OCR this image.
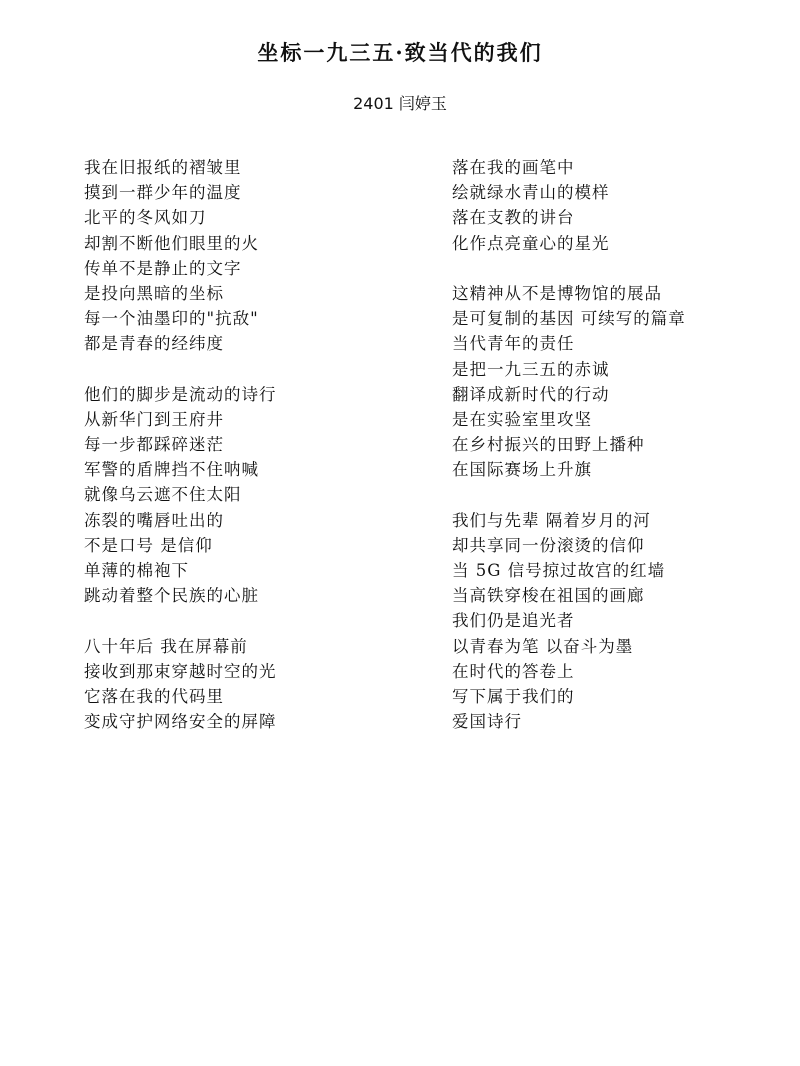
坐标一九三五·致当代的我们
2401 闫婷玉
我在旧报纸的褶皱里
摸到一群少年的温度
北平的冬风如刀
却割不断他们眼里的火
传单不是静止的文字
是投向黑暗的坐标
每一个油墨印的"抗敌"
都是青春的经纬度
他们的脚步是流动的诗行
从新华门到王府井
每一步都踩碎迷茫
军警的盾牌挡不住呐喊
就像乌云遮不住太阳
冻裂的嘴唇吐出的
不是口号 是信仰
单薄的棉袍下
跳动着整个民族的心脏
八十年后 我在屏幕前
接收到那束穿越时空的光
它落在我的代码里
变成守护网络安全的屏障
落在我的画笔中
绘就绿水青山的模样
落在支教的讲台
化作点亮童心的星光
这精神从不是博物馆的展品
是可复制的基因 可续写的篇章
当代青年的责任
是把一九三五的赤诚
翻译成新时代的行动
是在实验室里攻坚
在乡村振兴的田野上播种
在国际赛场上升旗
我们与先辈 隔着岁月的河
却共享同一份滚烫的信仰
当 5G 信号掠过故宫的红墙
当高铁穿梭在祖国的画廊
我们仍是追光者
以青春为笔 以奋斗为墨
在时代的答卷上
写下属于我们的
爱国诗行
